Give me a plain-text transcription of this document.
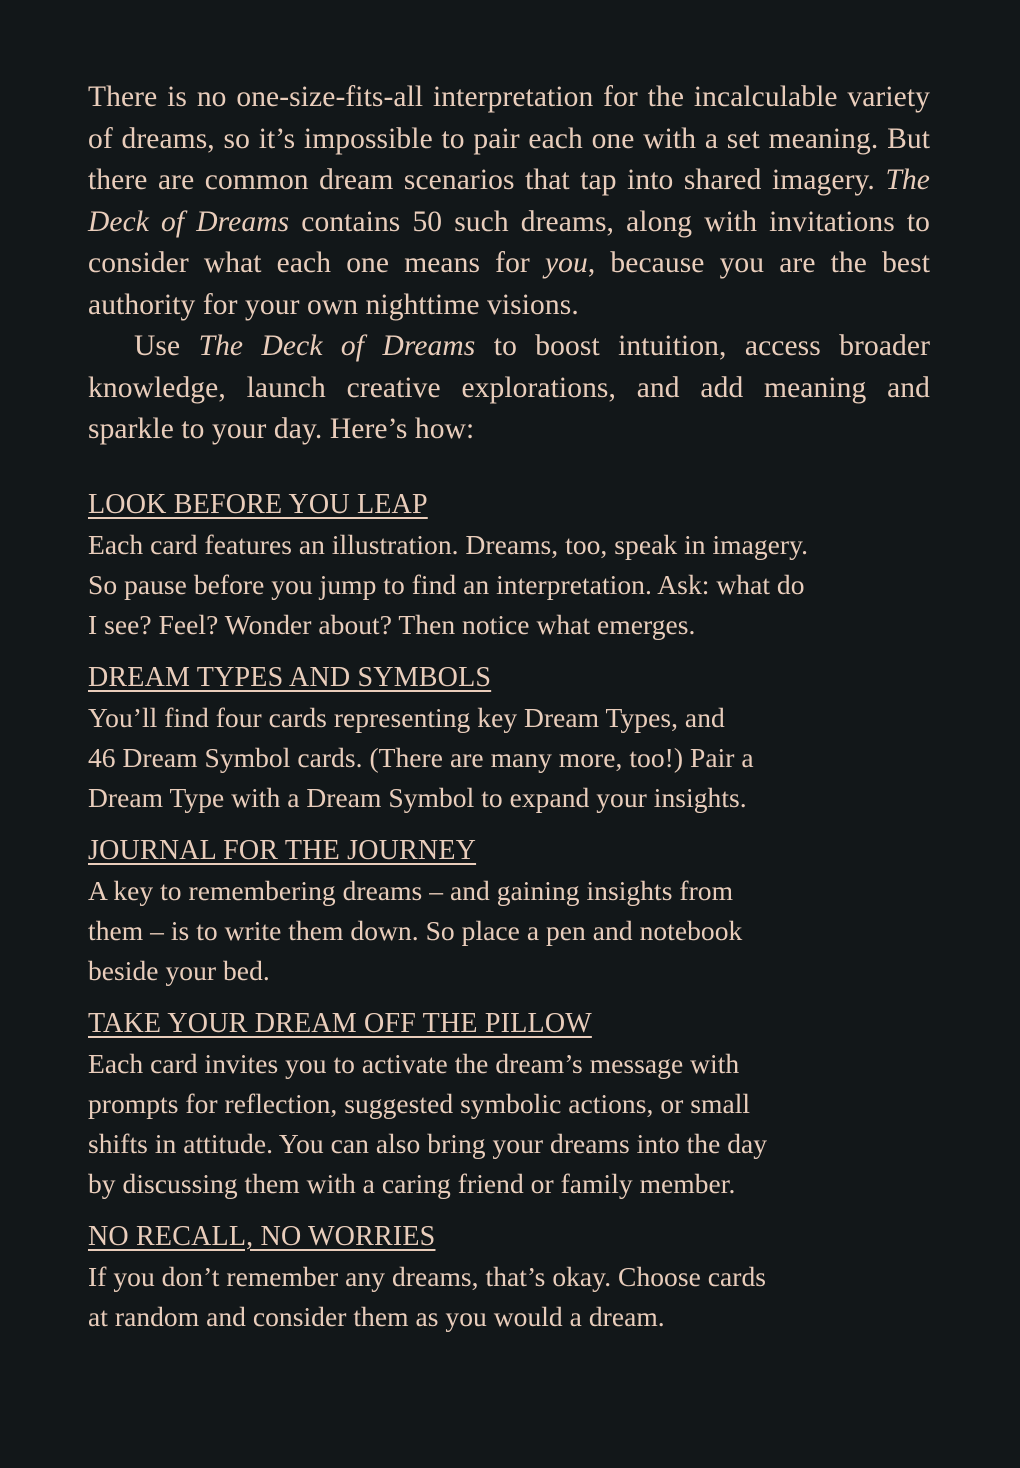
There is no one-size-fits-all interpretation for the incalculable variety of dreams, so it’s impossible to pair each one with a set meaning. But there are common dream scenarios that tap into shared imagery. The Deck of Dreams contains 50 such dreams, along with invitations to consider what each one means for you, because you are the best authority for your own nighttime visions.

Use The Deck of Dreams to boost intuition, access broader knowledge, launch creative explorations, and add meaning and sparkle to your day. Here’s how:

LOOK BEFORE YOU LEAP

Each card features an illustration. Dreams, too, speak in imagery.
So pause before you jump to find an interpretation. Ask: what do
I see? Feel? Wonder about? Then notice what emerges.

DREAM TYPES AND SYMBOLS

You’ll find four cards representing key Dream Types, and
46 Dream Symbol cards. (There are many more, too!) Pair a
Dream Type with a Dream Symbol to expand your insights.

JOURNAL FOR THE JOURNEY

A key to remembering dreams – and gaining insights from
them – is to write them down. So place a pen and notebook
beside your bed.

TAKE YOUR DREAM OFF THE PILLOW

Each card invites you to activate the dream’s message with
prompts for reflection, suggested symbolic actions, or small
shifts in attitude. You can also bring your dreams into the day
by discussing them with a caring friend or family member.

NO RECALL, NO WORRIES

If you don’t remember any dreams, that’s okay. Choose cards
at random and consider them as you would a dream.
